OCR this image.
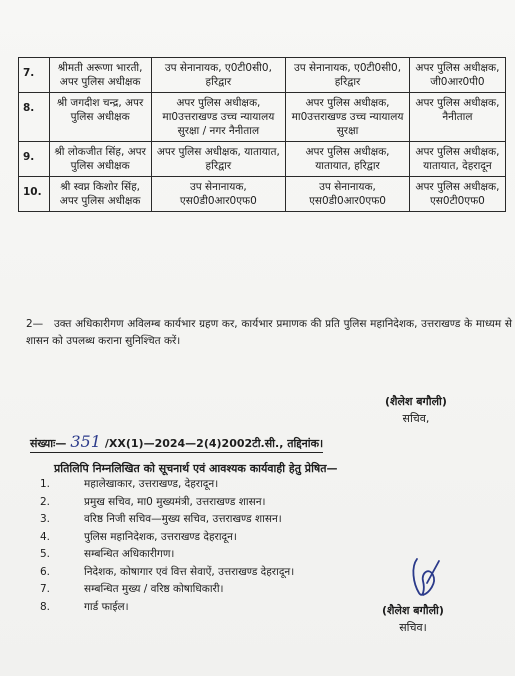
7.	श्रीमती अरूणा भारती, अपर पुलिस अधीक्षक	उप सेनानायक, ए0टी0सी0, हरिद्वार	उप सेनानायक, ए0टी0सी0, हरिद्वार	अपर पुलिस अधीक्षक, जी0आर0पी0
8.	श्री जगदीश चन्द्र, अपर पुलिस अधीक्षक	अपर पुलिस अधीक्षक, मा0उत्तराखण्ड उच्च न्यायालय सुरक्षा / नगर नैनीताल	अपर पुलिस अधीक्षक, मा0उत्तराखण्ड उच्च न्यायालय सुरक्षा	अपर पुलिस अधीक्षक, नैनीताल
9.	श्री लोकजीत सिंह, अपर पुलिस अधीक्षक	अपर पुलिस अधीक्षक, यातायात, हरिद्वार	अपर पुलिस अधीक्षक, यातायात, हरिद्वार	अपर पुलिस अधीक्षक, यातायात, देहरादून
10.	श्री स्वप्न किशोर सिंह, अपर पुलिस अधीक्षक	उप सेनानायक, एस0डी0आर0एफ0	उप सेनानायक, एस0डी0आर0एफ0	अपर पुलिस अधीक्षक, एस0टी0एफ0
2— उक्त अधिकारीगण अविलम्ब कार्यभार ग्रहण कर, कार्यभार प्रमाणक की प्रति पुलिस महानिदेशक, उत्तराखण्ड के माध्यम से शासन को उपलब्ध कराना सुनिश्चित करें।
(शैलेश बगौली)
सचिव,
संख्याः— 351 /XX(1)—2024—2(4)2002टी.सी., तद्दिनांक।
प्रतिलिपि निम्नलिखित को सूचनार्थ एवं आवश्यक कार्यवाही हेतु प्रेषित—
1.	महालेखाकार, उत्तराखण्ड, देहरादून।
2.	प्रमुख सचिव, मा0 मुख्यमंत्री, उत्तराखण्ड शासन।
3.	वरिष्ठ निजी सचिव—मुख्य सचिव, उत्तराखण्ड शासन।
4.	पुलिस महानिदेशक, उत्तराखण्ड देहरादून।
5.	सम्बन्धित अधिकारीगण।
6.	निदेशक, कोषागार एवं वित्त सेवाऐं, उत्तराखण्ड देहरादून।
7.	सम्बन्धित मुख्य / वरिष्ठ कोषाधिकारी।
8.	गार्ड फाईल।	(शैलेश बगौली)
सचिव।
